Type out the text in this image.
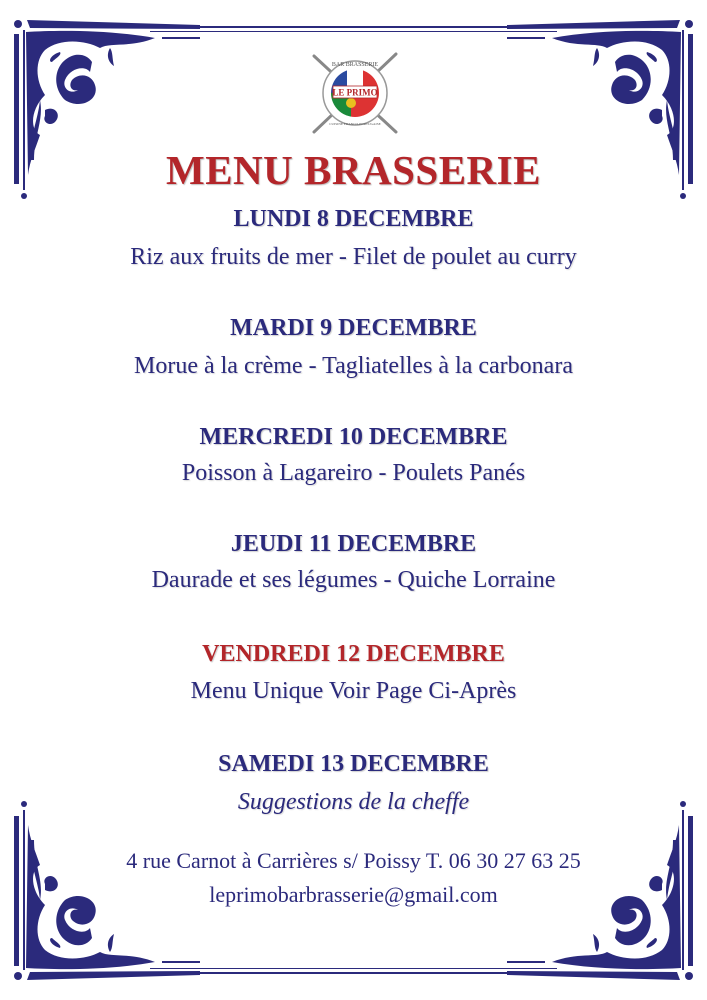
LE PRIMO
BAR BRASSERIE
CUISINE FRANCO-PORTUGAISE
MENU BRASSERIE
LUNDI 8 DECEMBRE
Riz aux fruits de mer - Filet de poulet au curry
MARDI 9 DECEMBRE
Morue à la crème - Tagliatelles à la carbonara
MERCREDI 10 DECEMBRE
Poisson à Lagareiro - Poulets Panés
JEUDI 11 DECEMBRE
Daurade et ses légumes - Quiche Lorraine
VENDREDI 12 DECEMBRE
Menu Unique Voir Page Ci-Après
SAMEDI 13 DECEMBRE
Suggestions de la cheffe
4 rue Carnot à Carrières s/ Poissy T. 06 30 27 63 25
leprimobarbrasserie@gmail.com
